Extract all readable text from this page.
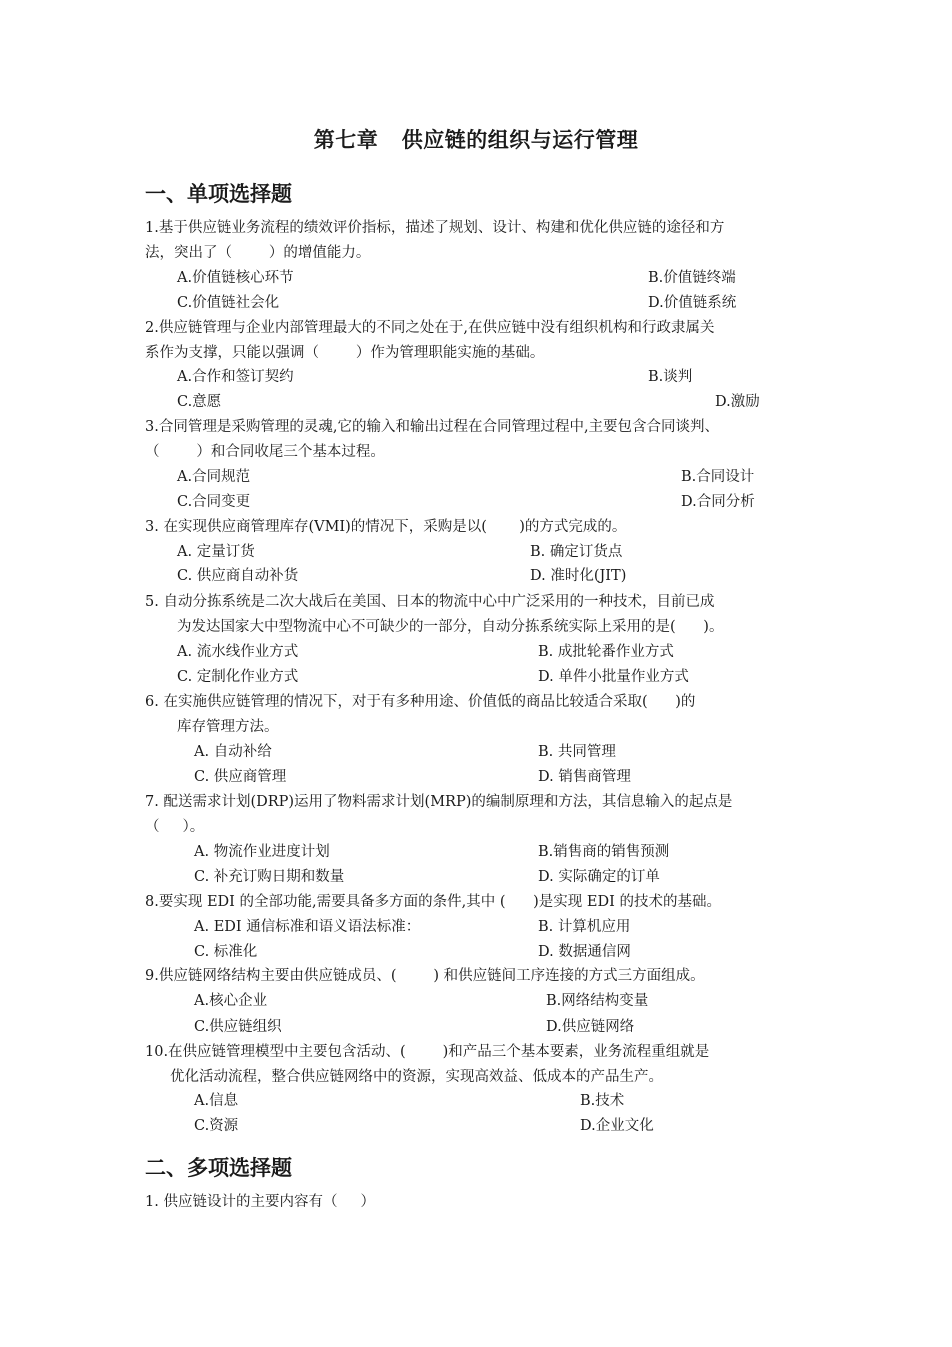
第七章   供应链的组织与运行管理
一、单项选择题
1.基于供应链业务流程的绩效评价指标，描述了规划、设计、构建和优化供应链的途径和方
法，突出了（        ）的增值能力。
A.价值链核心环节	B.价值链终端
C.价值链社会化	D.价值链系统
2.供应链管理与企业内部管理最大的不同之处在于,在供应链中没有组织机构和行政隶属关
系作为支撑，只能以强调（        ）作为管理职能实施的基础。
A.合作和签订契约	B.谈判
C.意愿	D.激励
3.合同管理是采购管理的灵魂,它的输入和输出过程在合同管理过程中,主要包含合同谈判、
（        ）和合同收尾三个基本过程。
A.合同规范	B.合同设计
C.合同变更	D.合同分析
3. 在实现供应商管理库存(VMI)的情况下，采购是以(       )的方式完成的。
A. 定量订货	B. 确定订货点
C. 供应商自动补货	D. 准时化(JIT)
5. 自动分拣系统是二次大战后在美国、日本的物流中心中广泛采用的一种技术，目前已成
为发达国家大中型物流中心不可缺少的一部分，自动分拣系统实际上采用的是(      )。
A. 流水线作业方式	B. 成批轮番作业方式
C. 定制化作业方式	D. 单件小批量作业方式
6. 在实施供应链管理的情况下，对于有多种用途、价值低的商品比较适合采取(      )的
库存管理方法。
A. 自动补给	B. 共同管理
C. 供应商管理	D. 销售商管理
7. 配送需求计划(DRP)运用了物料需求计划(MRP)的编制原理和方法，其信息输入的起点是
（     ）。
A. 物流作业进度计划	B.销售商的销售预测
C. 补充订购日期和数量	D. 实际确定的订单
8.要实现 EDI 的全部功能,需要具备多方面的条件,其中 (      )是实现 EDI 的技术的基础。
A. EDI 通信标准和语义语法标准：	B. 计算机应用
C. 标准化	D. 数据通信网
9.供应链网络结构主要由供应链成员、(        ) 和供应链间工序连接的方式三方面组成。
A.核心企业	B.网络结构变量
C.供应链组织	D.供应链网络
10.在供应链管理模型中主要包含活动、(        )和产品三个基本要素，业务流程重组就是
优化活动流程，整合供应链网络中的资源，实现高效益、低成本的产品生产。
A.信息	B.技术
C.资源	D.企业文化
二、多项选择题
1. 供应链设计的主要内容有（     ）
